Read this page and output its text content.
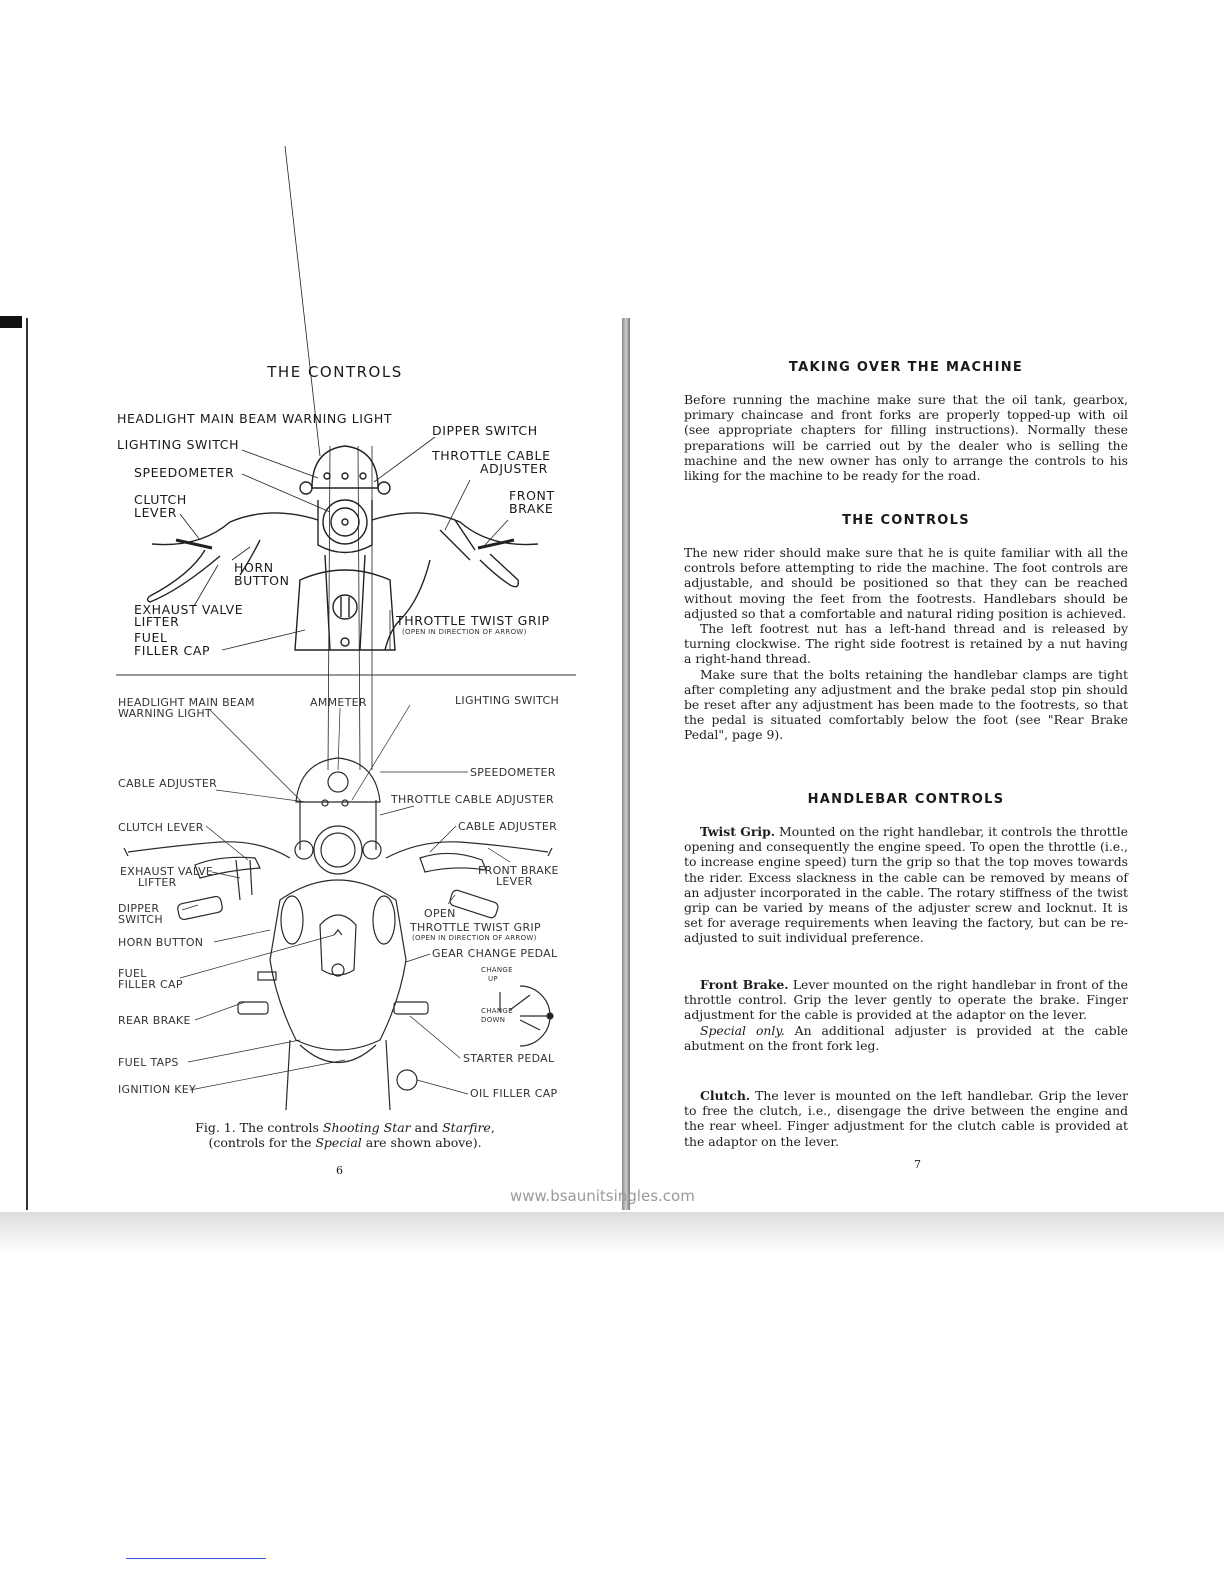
THE CONTROLS
HEADLIGHT MAIN BEAM WARNING LIGHT
LIGHTING SWITCH
SPEEDOMETER
CLUTCH
LEVER
HORN
BUTTON
EXHAUST VALVE
LIFTER
FUEL
FILLER CAP
DIPPER SWITCH
THROTTLE CABLE
ADJUSTER
FRONT
BRAKE
THROTTLE TWIST GRIP
(OPEN IN DIRECTION OF ARROW)
HEADLIGHT MAIN BEAM
WARNING LIGHT
AMMETER	LIGHTING SWITCH
SPEEDOMETER
CABLE ADJUSTER
THROTTLE CABLE ADJUSTER
CLUTCH LEVER	CABLE ADJUSTER
EXHAUST VALVE
LIFTER
FRONT BRAKE
LEVER
DIPPER
SWITCH	OPEN
THROTTLE TWIST GRIP
(OPEN IN DIRECTION OF ARROW)
HORN BUTTON
GEAR CHANGE PEDAL
CHANGE
UP
CHANGE
DOWN
FUEL
FILLER CAP
REAR BRAKE
FUEL TAPS	STARTER PEDAL
IGNITION KEY	OIL FILLER CAP
Fig. 1. The controls Shooting Star and Starfire,
(controls for the Special are shown above).
6
TAKING OVER THE MACHINE

Before running the machine make sure that the oil tank, gearbox, primary chaincase and front forks are properly topped-up with oil (see appropriate chapters for filling instructions). Normally these preparations will be carried out by the dealer who is selling the machine and the new owner has only to arrange the controls to his liking for the machine to be ready for the road.

THE CONTROLS

The new rider should make sure that he is quite familiar with all the controls before attempting to ride the machine. The foot controls are adjustable, and should be positioned so that they can be reached without moving the feet from the footrests. Handlebars should be adjusted so that a comfortable and natural riding position is achieved.

The left footrest nut has a left-hand thread and is released by turning clockwise. The right side footrest is retained by a nut having a right-hand thread.

Make sure that the bolts retaining the handlebar clamps are tight after completing any adjustment and the brake pedal stop pin should be reset after any adjustment has been made to the footrests, so that the pedal is situated comfortably below the foot (see "Rear Brake Pedal", page 9).

HANDLEBAR CONTROLS

Twist Grip. Mounted on the right handlebar, it controls the throttle opening and consequently the engine speed. To open the throttle (i.e., to increase engine speed) turn the grip so that the top moves towards the rider. Excess slackness in the cable can be removed by means of an adjuster incorporated in the cable. The rotary stiffness of the twist grip can be varied by means of the adjuster screw and locknut. It is set for average requirements when leaving the factory, but can be re-adjusted to suit individual preference.

Front Brake. Lever mounted on the right handlebar in front of the throttle control. Grip the lever gently to operate the brake. Finger adjustment for the cable is provided at the adaptor on the lever.

Special only. An additional adjuster is provided at the cable abutment on the front fork leg.

Clutch. The lever is mounted on the left handlebar. Grip the lever to free the clutch, i.e., disengage the drive between the engine and the rear wheel. Finger adjustment for the clutch cable is provided at the adaptor on the lever.

7
www.bsaunitsingles.com
